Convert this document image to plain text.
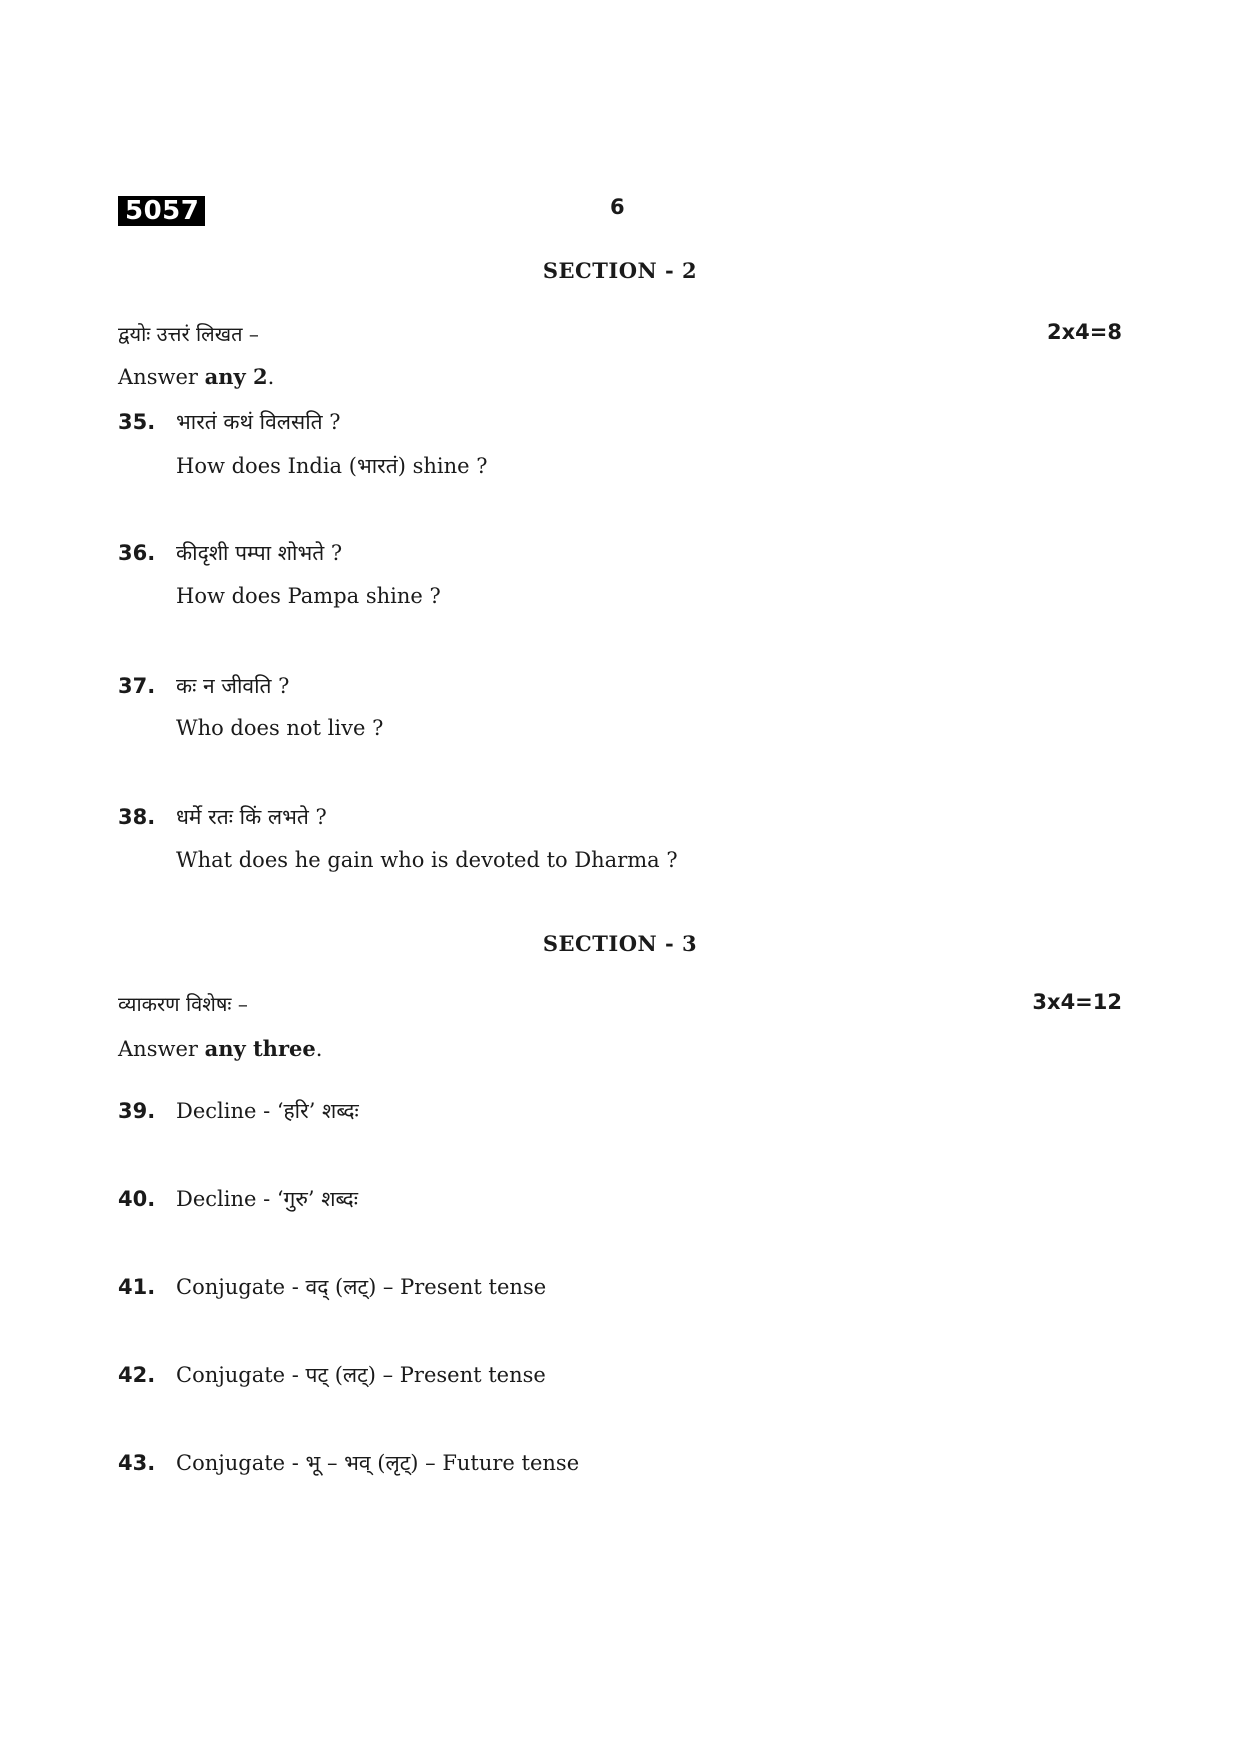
5057	6
SECTION - 2
द्वयोः उत्तरं लिखत –	2x4=8
Answer any 2.
35. भारतं कथं विलसति ?
How does India (भारतं) shine ?
36. कीदृशी पम्पा शोभते ?
How does Pampa shine ?
37. कः न जीवति ?
Who does not live ?
38. धर्मे रतः किं लभते ?
What does he gain who is devoted to Dharma ?
SECTION - 3
व्याकरण विशेषः –	3x4=12
Answer any three.
39. Decline - ‘हरि’ शब्दः
40. Decline - ‘गुरु’ शब्दः
41. Conjugate - वद् (लट्) – Present tense
42. Conjugate - पट् (लट्) – Present tense
43. Conjugate - भू – भव् (लृट्) – Future tense
